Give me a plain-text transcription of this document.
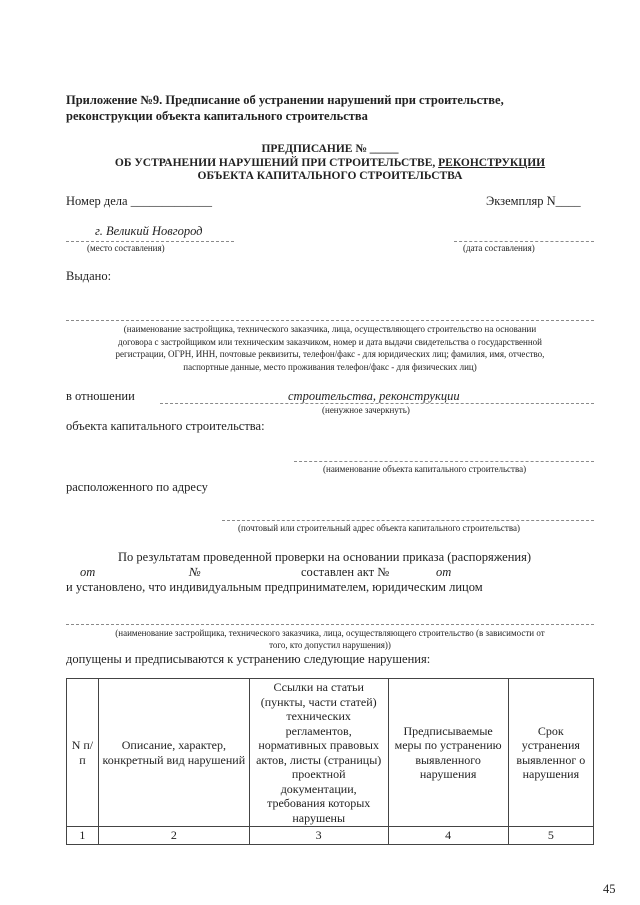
Приложение №9. Предписание об устранении нарушений при строительстве,
реконструкции объекта капитального строительства
ПРЕДПИСАНИЕ № _____
ОБ УСТРАНЕНИИ НАРУШЕНИЙ ПРИ СТРОИТЕЛЬСТВЕ, РЕКОНСТРУКЦИИ
ОБЪЕКТА КАПИТАЛЬНОГО СТРОИТЕЛЬСТВА
Номер дела _____________	Экземпляр N____
г. Великий Новгород
(место составления)	(дата составления)
Выдано:
(наименование застройщика, технического заказчика, лица, осуществляющего строительство на основании
договора с застройщиком или техническим заказчиком, номер и дата выдачи свидетельства о государственной
регистрации, ОГРН, ИНН, почтовые реквизиты, телефон/факс - для юридических лиц; фамилия, имя, отчество,
паспортные данные, место проживания телефон/факс - для физических лиц)
в отношении	строительства, реконструкции
(ненужное зачеркнуть)
объекта капитального строительства:
(наименование объекта капитального строительства)
расположенного по адресу
(почтовый или строительный адрес объекта капитального строительства)
По результатам проведенной проверки на основании приказа (распоряжения)
от	№	составлен акт №	от
и установлено, что индивидуальным предпринимателем, юридическим лицом
(наименование застройщика, технического заказчика, лица, осуществляющего строительство (в зависимости от
того, кто допустил нарушения))
допущены и предписываются к устранению следующие нарушения:
N п/ п	Описание, характер, конкретный вид нарушений	Ссылки на статьи (пункты, части статей) технических регламентов, нормативных правовых актов, листы (страницы) проектной документации, требования которых нарушены	Предписываемые меры по устранению выявленного нарушения	Срок устранения выявленног о нарушения
1	2	3	4	5
45
